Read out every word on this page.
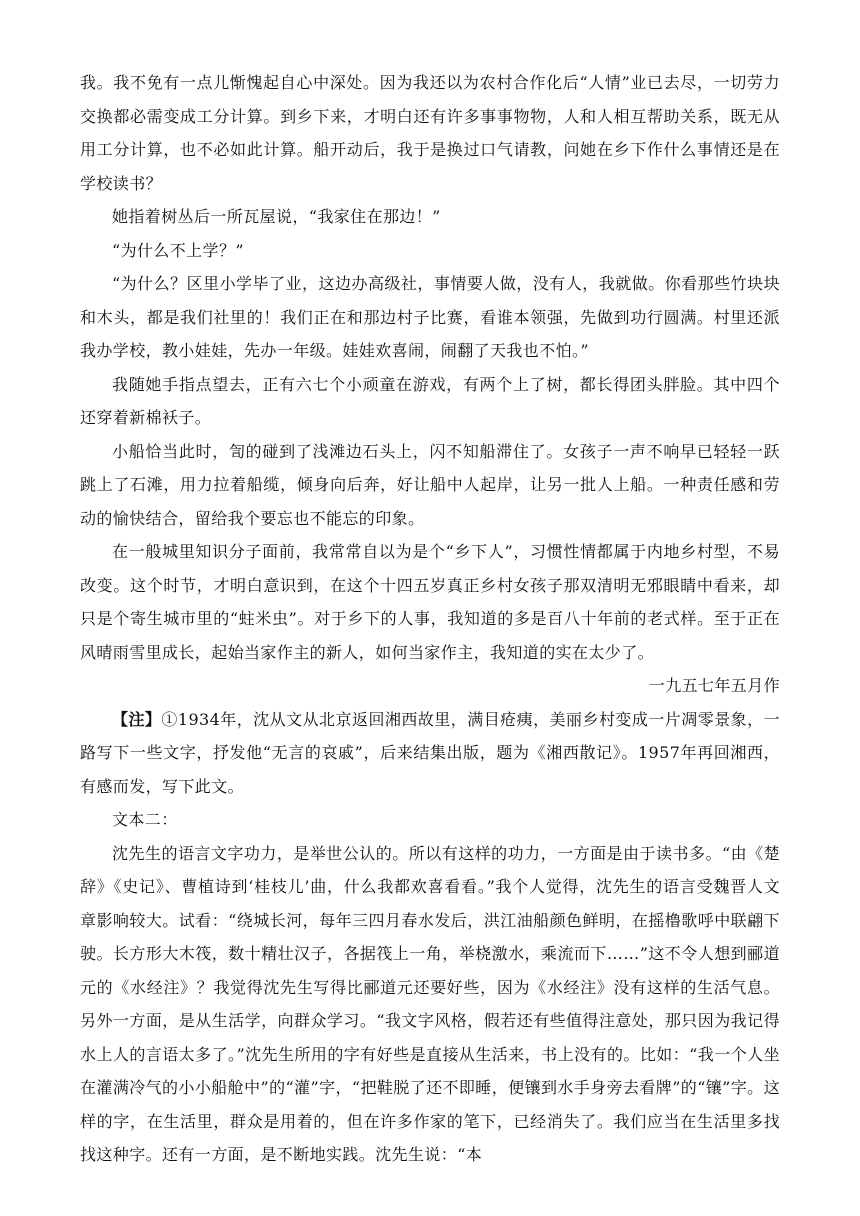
我。我不免有一点儿惭愧起自心中深处。因为我还以为农村合作化后“人情”业已去尽，一切劳力交换都必需变成工分计算。到乡下来，才明白还有许多事事物物，人和人相互帮助关系，既无从用工分计算，也不必如此计算。船开动后，我于是换过口气请教，问她在乡下作什么事情还是在学校读书？

她指着树丛后一所瓦屋说，“我家住在那边！”

“为什么不上学？”

“为什么？区里小学毕了业，这边办高级社，事情要人做，没有人，我就做。你看那些竹块块和木头，都是我们社里的！我们正在和那边村子比赛，看谁本领强，先做到功行圆满。村里还派我办学校，教小娃娃，先办一年级。娃娃欢喜闹，闹翻了天我也不怕。”

我随她手指点望去，正有六七个小顽童在游戏，有两个上了树，都长得团头胖脸。其中四个还穿着新棉袄子。

小船恰当此时，訇的碰到了浅滩边石头上，闪不知船滞住了。女孩子一声不响早已轻轻一跃跳上了石滩，用力拉着船缆，倾身向后奔，好让船中人起岸，让另一批人上船。一种责任感和劳动的愉快结合，留给我个要忘也不能忘的印象。

在一般城里知识分子面前，我常常自以为是个“乡下人”，习惯性情都属于内地乡村型，不易改变。这个时节，才明白意识到，在这个十四五岁真正乡村女孩子那双清明无邪眼睛中看来，却只是个寄生城市里的“蛀米虫”。对于乡下的人事，我知道的多是百八十年前的老式样。至于正在风晴雨雪里成长，起始当家作主的新人，如何当家作主，我知道的实在太少了。

一九五七年五月作

【注】①1934年，沈从文从北京返回湘西故里，满目疮痍，美丽乡村变成一片凋零景象，一路写下一些文字，抒发他“无言的哀戚”，后来结集出版，题为《湘西散记》。1957年再回湘西，有感而发，写下此文。

文本二：

沈先生的语言文字功力，是举世公认的。所以有这样的功力，一方面是由于读书多。“由《楚辞》《史记》、曹植诗到‘桂枝儿’曲，什么我都欢喜看看。”我个人觉得，沈先生的语言受魏晋人文章影响较大。试看：“绕城长河，每年三四月春水发后，洪江油船颜色鲜明，在摇橹歌呼中联翩下驶。长方形大木筏，数十精壮汉子，各据筏上一角，举桡激水，乘流而下……”这不令人想到郦道元的《水经注》？我觉得沈先生写得比郦道元还要好些，因为《水经注》没有这样的生活气息。另外一方面，是从生活学，向群众学习。“我文字风格，假若还有些值得注意处，那只因为我记得水上人的言语太多了。”沈先生所用的字有好些是直接从生活来，书上没有的。比如：“我一个人坐在灌满冷气的小小船舱中”的“灌”字，“把鞋脱了还不即睡，便镶到水手身旁去看牌”的“镶”字。这样的字，在生活里，群众是用着的，但在许多作家的笔下，已经消失了。我们应当在生活里多找找这种字。还有一方面，是不断地实践。沈先生说：“本
